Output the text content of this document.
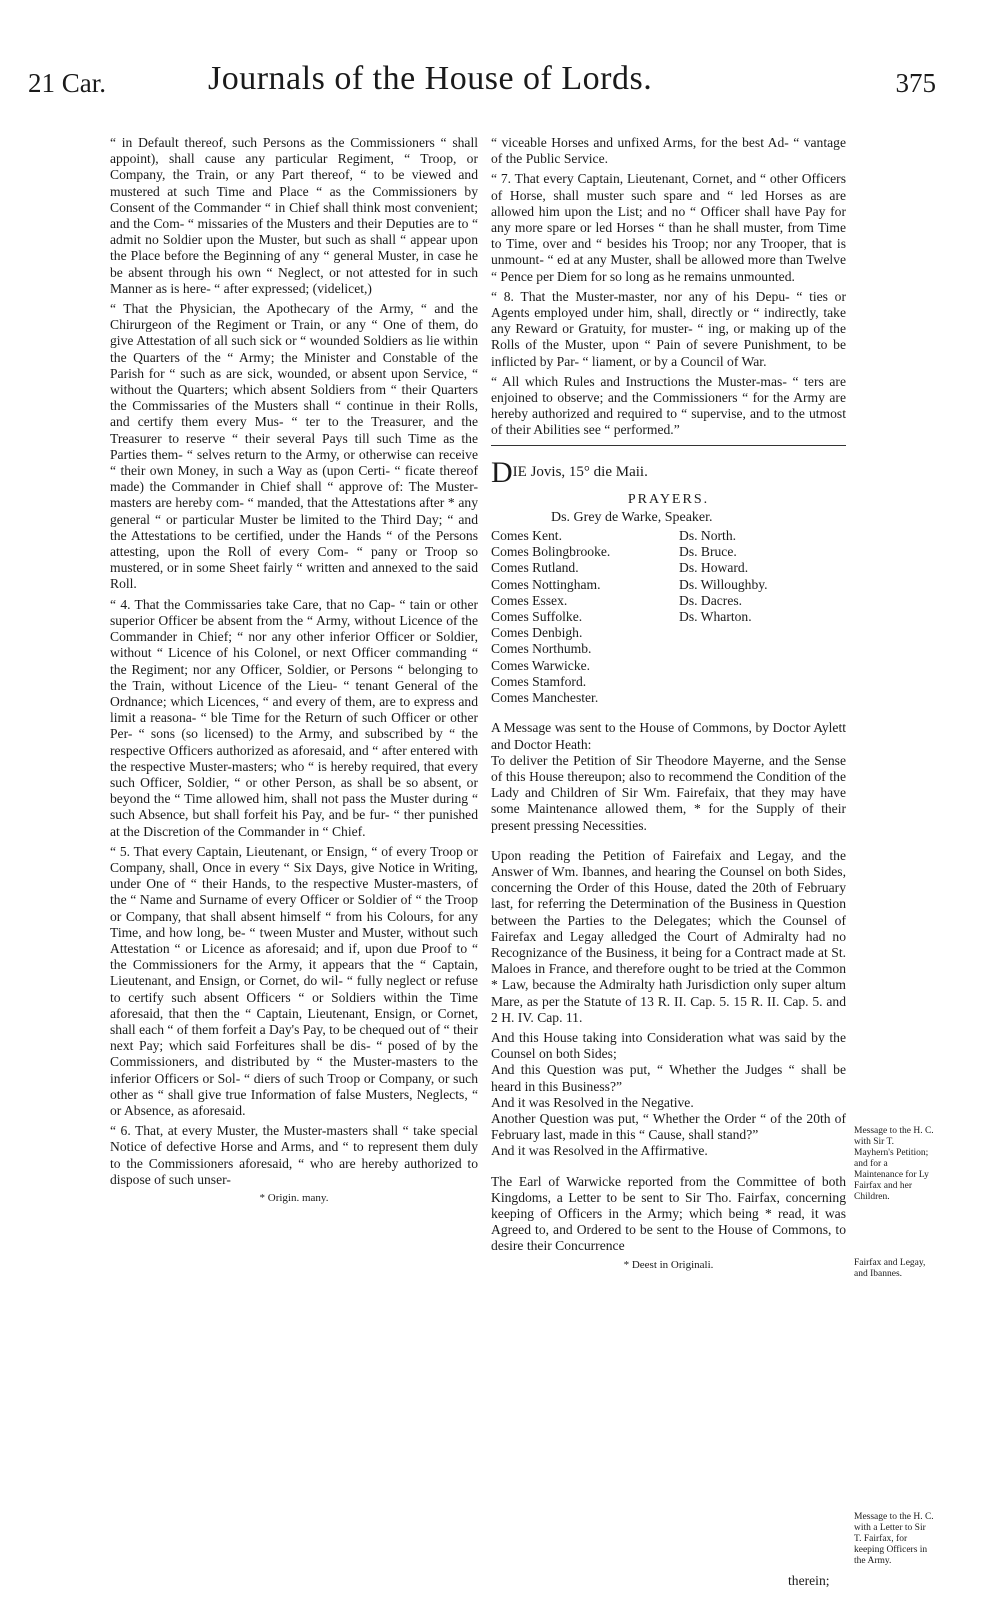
21 Car.	Journals of the House of Lords.	375

“ in Default thereof, such Persons as the Commissioners “ shall appoint), shall cause any particular Regiment, “ Troop, or Company, the Train, or any Part thereof, “ to be viewed and mustered at such Time and Place “ as the Commissioners by Consent of the Commander “ in Chief shall think most convenient; and the Com- “ missaries of the Musters and their Deputies are to “ admit no Soldier upon the Muster, but such as shall “ appear upon the Place before the Beginning of any “ general Muster, in case he be absent through his own “ Neglect, or not attested for in such Manner as is here- “ after expressed; (videlicet,)

“ That the Physician, the Apothecary of the Army, “ and the Chirurgeon of the Regiment or Train, or any “ One of them, do give Attestation of all such sick or “ wounded Soldiers as lie within the Quarters of the “ Army; the Minister and Constable of the Parish for “ such as are sick, wounded, or absent upon Service, “ without the Quarters; which absent Soldiers from “ their Quarters the Commissaries of the Musters shall “ continue in their Rolls, and certify them every Mus- “ ter to the Treasurer, and the Treasurer to reserve “ their several Pays till such Time as the Parties them- “ selves return to the Army, or otherwise can receive “ their own Money, in such a Way as (upon Certi- “ ficate thereof made) the Commander in Chief shall “ approve of: The Muster-masters are hereby com- “ manded, that the Attestations after * any general “ or particular Muster be limited to the Third Day; “ and the Attestations to be certified, under the Hands “ of the Persons attesting, upon the Roll of every Com- “ pany or Troop so mustered, or in some Sheet fairly “ written and annexed to the said Roll.

“ 4. That the Commissaries take Care, that no Cap- “ tain or other superior Officer be absent from the “ Army, without Licence of the Commander in Chief; “ nor any other inferior Officer or Soldier, without “ Licence of his Colonel, or next Officer commanding “ the Regiment; nor any Officer, Soldier, or Persons “ belonging to the Train, without Licence of the Lieu- “ tenant General of the Ordnance; which Licences, “ and every of them, are to express and limit a reasona- “ ble Time for the Return of such Officer or other Per- “ sons (so licensed) to the Army, and subscribed by “ the respective Officers authorized as aforesaid, and “ after entered with the respective Muster-masters; who “ is hereby required, that every such Officer, Soldier, “ or other Person, as shall be so absent, or beyond the “ Time allowed him, shall not pass the Muster during “ such Absence, but shall forfeit his Pay, and be fur- “ ther punished at the Discretion of the Commander in “ Chief.

“ 5. That every Captain, Lieutenant, or Ensign, “ of every Troop or Company, shall, Once in every “ Six Days, give Notice in Writing, under One of “ their Hands, to the respective Muster-masters, of the “ Name and Surname of every Officer or Soldier of “ the Troop or Company, that shall absent himself “ from his Colours, for any Time, and how long, be- “ tween Muster and Muster, without such Attestation “ or Licence as aforesaid; and if, upon due Proof to “ the Commissioners for the Army, it appears that the “ Captain, Lieutenant, and Ensign, or Cornet, do wil- “ fully neglect or refuse to certify such absent Officers “ or Soldiers within the Time aforesaid, that then the “ Captain, Lieutenant, Ensign, or Cornet, shall each “ of them forfeit a Day's Pay, to be chequed out of “ their next Pay; which said Forfeitures shall be dis- “ posed of by the Commissioners, and distributed by “ the Muster-masters to the inferior Officers or Sol- “ diers of such Troop or Company, or such other as “ shall give true Information of false Musters, Neglects, “ or Absence, as aforesaid.

“ 6. That, at every Muster, the Muster-masters shall “ take special Notice of defective Horse and Arms, and “ to represent them duly to the Commissioners aforesaid, “ who are hereby authorized to dispose of such unser-

* Origin. many.

“ viceable Horses and unfixed Arms, for the best Ad- “ vantage of the Public Service.

“ 7. That every Captain, Lieutenant, Cornet, and “ other Officers of Horse, shall muster such spare and “ led Horses as are allowed him upon the List; and no “ Officer shall have Pay for any more spare or led Horses “ than he shall muster, from Time to Time, over and “ besides his Troop; nor any Trooper, that is unmount- “ ed at any Muster, shall be allowed more than Twelve “ Pence per Diem for so long as he remains unmounted.

“ 8. That the Muster-master, nor any of his Depu- “ ties or Agents employed under him, shall, directly or “ indirectly, take any Reward or Gratuity, for muster- “ ing, or making up of the Rolls of the Muster, upon “ Pain of severe Punishment, to be inflicted by Par- “ liament, or by a Council of War.

“ All which Rules and Instructions the Muster-mas- “ ters are enjoined to observe; and the Commissioners “ for the Army are hereby authorized and required to “ supervise, and to the utmost of their Abilities see “ performed.”

DIE Jovis, 15° die Maii.
PRAYERS.
Ds. Grey de Warke, Speaker.
Comes Kent.
Comes Bolingbrooke.
Comes Rutland.
Comes Nottingham.
Comes Essex.
Comes Suffolke.
Comes Denbigh.
Comes Northumb.
Comes Warwicke.
Comes Stamford.
Comes Manchester.
Ds. North.
Ds. Bruce.
Ds. Howard.
Ds. Willoughby.
Ds. Dacres.
Ds. Wharton.

A Message was sent to the House of Commons, by Doctor Aylett and Doctor Heath:

To deliver the Petition of Sir Theodore Mayerne, and the Sense of this House thereupon; also to recommend the Condition of the Lady and Children of Sir Wm. Fairefaix, that they may have some Maintenance allowed them, * for the Supply of their present pressing Necessities.

Upon reading the Petition of Fairefaix and Legay, and the Answer of Wm. Ibannes, and hearing the Counsel on both Sides, concerning the Order of this House, dated the 20th of February last, for referring the Determination of the Business in Question between the Parties to the Delegates; which the Counsel of Fairefax and Legay alledged the Court of Admiralty had no Recognizance of the Business, it being for a Contract made at St. Maloes in France, and therefore ought to be tried at the Common * Law, because the Admiralty hath Jurisdiction only super altum Mare, as per the Statute of 13 R. II. Cap. 5. 15 R. II. Cap. 5. and 2 H. IV. Cap. 11.

And this House taking into Consideration what was said by the Counsel on both Sides;

And this Question was put, “ Whether the Judges “ shall be heard in this Business?”

And it was Resolved in the Negative.

Another Question was put, “ Whether the Order “ of the 20th of February last, made in this “ Cause, shall stand?”

And it was Resolved in the Affirmative.

The Earl of Warwicke reported from the Committee of both Kingdoms, a Letter to be sent to Sir Tho. Fairfax, concerning keeping of Officers in the Army; which being * read, it was Agreed to, and Ordered to be sent to the House of Commons, to desire their Concurrence

* Deest in Originali.
Message to the H. C. with Sir T. Mayhern's Petition; and for a Maintenance for Ly Fairfax and her Children.
Fairfax and Legay, and Ibannes.
Message to the H. C. with a Letter to Sir T. Fairfax, for keeping Officers in the Army.
therein;
